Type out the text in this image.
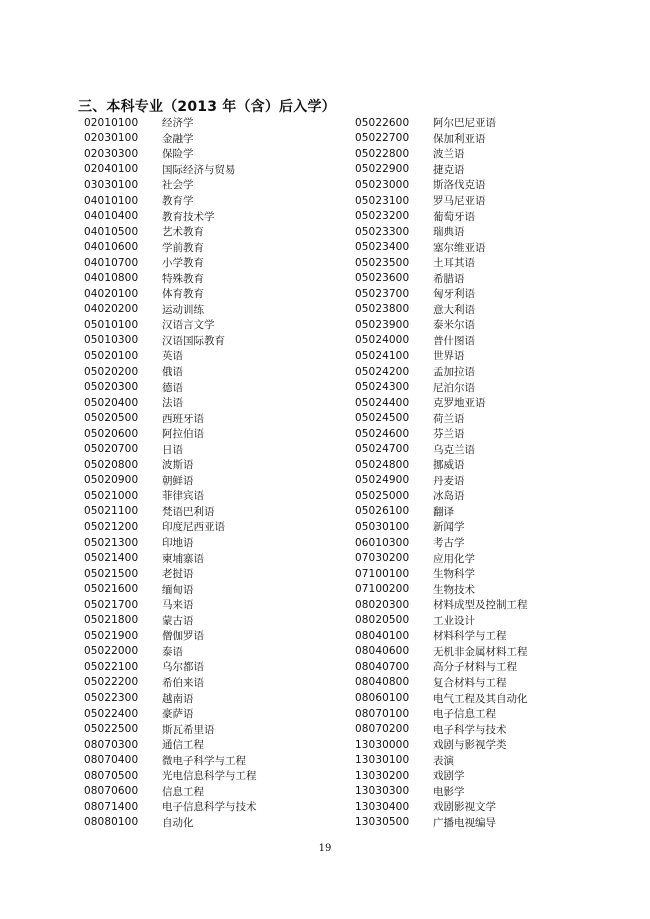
三、本科专业（2013 年（含）后入学）
02010100	经济学
02030100	金融学
02030300	保险学
02040100	国际经济与贸易
03030100	社会学
04010100	教育学
04010400	教育技术学
04010500	艺术教育
04010600	学前教育
04010700	小学教育
04010800	特殊教育
04020100	体育教育
04020200	运动训练
05010100	汉语言文学
05010300	汉语国际教育
05020100	英语
05020200	俄语
05020300	德语
05020400	法语
05020500	西班牙语
05020600	阿拉伯语
05020700	日语
05020800	波斯语
05020900	朝鲜语
05021000	菲律宾语
05021100	梵语巴利语
05021200	印度尼西亚语
05021300	印地语
05021400	柬埔寨语
05021500	老挝语
05021600	缅甸语
05021700	马来语
05021800	蒙古语
05021900	僧伽罗语
05022000	泰语
05022100	乌尔都语
05022200	希伯来语
05022300	越南语
05022400	豪萨语
05022500	斯瓦希里语
08070300	通信工程
08070400	微电子科学与工程
08070500	光电信息科学与工程
08070600	信息工程
08071400	电子信息科学与技术
08080100	自动化
05022600	阿尔巴尼亚语
05022700	保加利亚语
05022800	波兰语
05022900	捷克语
05023000	斯洛伐克语
05023100	罗马尼亚语
05023200	葡萄牙语
05023300	瑞典语
05023400	塞尔维亚语
05023500	土耳其语
05023600	希腊语
05023700	匈牙利语
05023800	意大利语
05023900	泰米尔语
05024000	普什图语
05024100	世界语
05024200	孟加拉语
05024300	尼泊尔语
05024400	克罗地亚语
05024500	荷兰语
05024600	芬兰语
05024700	乌克兰语
05024800	挪威语
05024900	丹麦语
05025000	冰岛语
05026100	翻译
05030100	新闻学
06010300	考古学
07030200	应用化学
07100100	生物科学
07100200	生物技术
08020300	材料成型及控制工程
08020500	工业设计
08040100	材料科学与工程
08040600	无机非金属材料工程
08040700	高分子材料与工程
08040800	复合材料与工程
08060100	电气工程及其自动化
08070100	电子信息工程
08070200	电子科学与技术
13030000	戏剧与影视学类
13030100	表演
13030200	戏剧学
13030300	电影学
13030400	戏剧影视文学
13030500	广播电视编导
19
